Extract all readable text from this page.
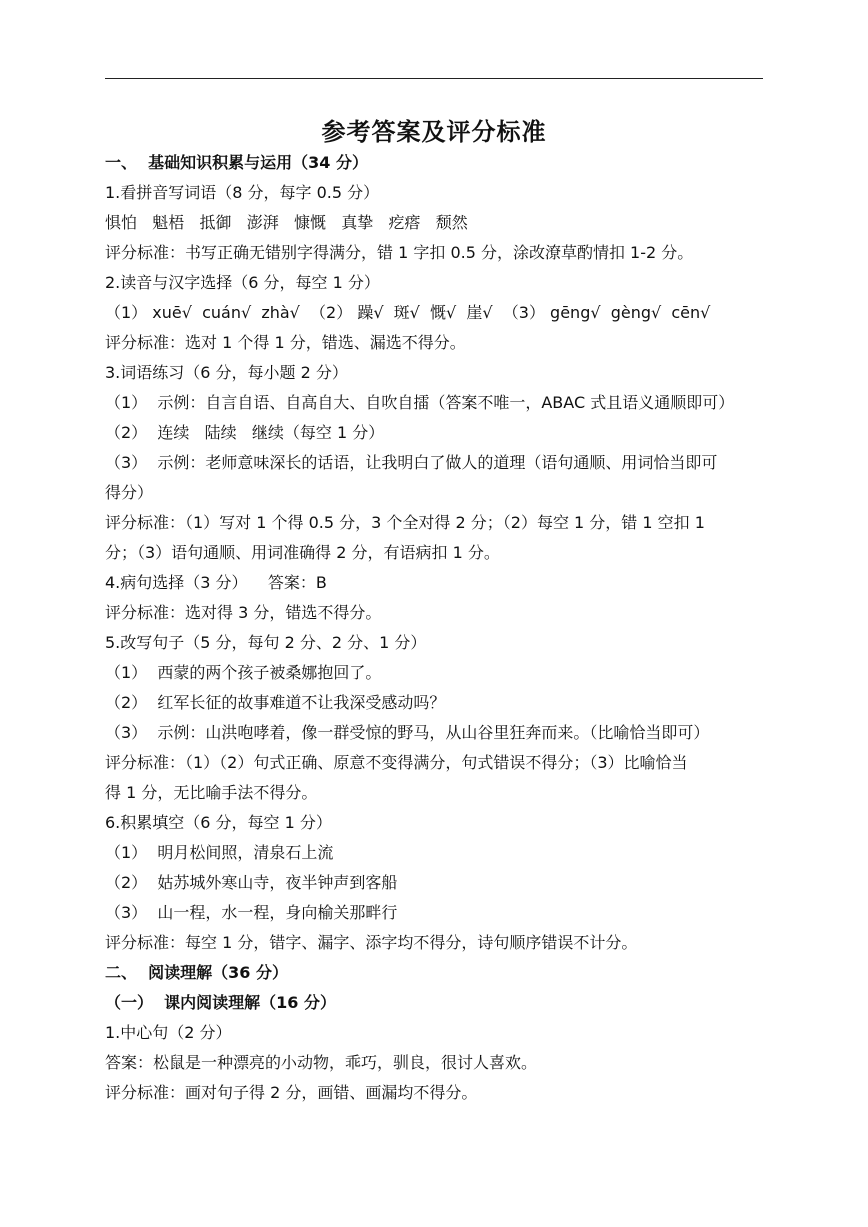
参考答案及评分标准
一、  基础知识积累与运用（34 分）
1.看拼音写词语（8 分，每字 0.5 分）
惧怕   魁梧   抵御   澎湃   慷慨   真挚   疙瘩   颓然
评分标准：书写正确无错别字得满分，错 1 字扣 0.5 分，涂改潦草酌情扣 1-2 分。
2.读音与汉字选择（6 分，每空 1 分）
（1） xuē√  cuán√  zhà√  （2） 躁√  斑√  慨√  崖√  （3） gēng√  gèng√  cēn√
评分标准：选对 1 个得 1 分，错选、漏选不得分。
3.词语练习（6 分，每小题 2 分）
（1）  示例：自言自语、自高自大、自吹自擂（答案不唯一，ABAC 式且语义通顺即可）
（2）  连续   陆续   继续（每空 1 分）
（3）  示例：老师意味深长的话语，让我明白了做人的道理（语句通顺、用词恰当即可
得分）
评分标准：（1）写对 1 个得 0.5 分，3 个全对得 2 分；（2）每空 1 分，错 1 空扣 1
分；（3）语句通顺、用词准确得 2 分，有语病扣 1 分。
4.病句选择（3 分）    答案：B
评分标准：选对得 3 分，错选不得分。
5.改写句子（5 分，每句 2 分、2 分、1 分）
（1）  西蒙的两个孩子被桑娜抱回了。
（2）  红军长征的故事难道不让我深受感动吗？
（3）  示例：山洪咆哮着，像一群受惊的野马，从山谷里狂奔而来。（比喻恰当即可）
评分标准：（1）（2）句式正确、原意不变得满分，句式错误不得分；（3）比喻恰当
得 1 分，无比喻手法不得分。
6.积累填空（6 分，每空 1 分）
（1）  明月松间照，清泉石上流
（2）  姑苏城外寒山寺，夜半钟声到客船
（3）  山一程，水一程，身向榆关那畔行
评分标准：每空 1 分，错字、漏字、添字均不得分，诗句顺序错误不计分。
二、  阅读理解（36 分）
（一）  课内阅读理解（16 分）
1.中心句（2 分）
答案：松鼠是一种漂亮的小动物，乖巧，驯良，很讨人喜欢。
评分标准：画对句子得 2 分，画错、画漏均不得分。
